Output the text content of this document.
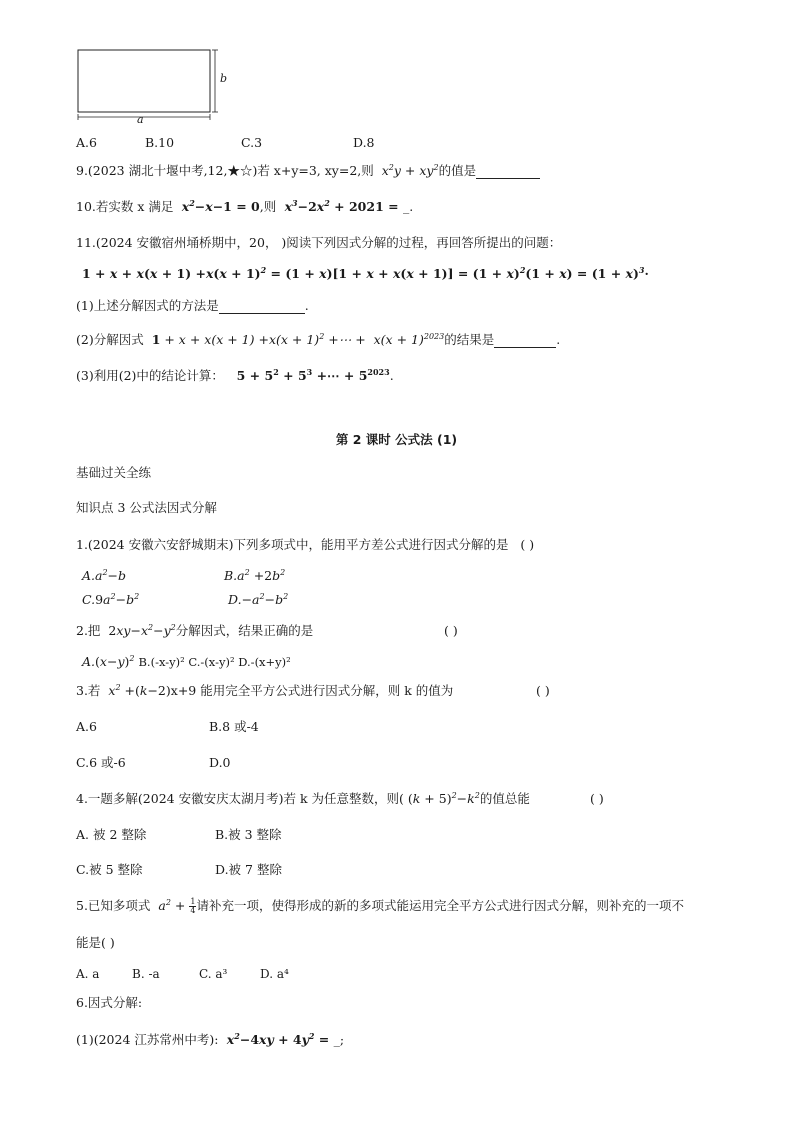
a
b
A.6	B.10	C.3	D.8
9.(2023 湖北十堰中考,12,★☆)若 x+y=3, xy=2,则  $x^2y + xy^2$的值是
10.若实数 x 满足  $x^2-x-1 = 0$,则  $x^3-2x^2 + 2021$ = _.
11.(2024 安徽宿州埇桥期中，20， )阅读下列因式分解的过程，再回答所提出的问题：
$1 + x + x(x + 1) +x(x + 1)^2 = (1 + x)[1 + x + x(x + 1)] = (1 + x)^2(1 + x) = (1 + x)^3\cdot$
(1)上述分解因式的方法是	.
(2)分解因式 $1 + x + x(x + 1) +x(x + 1)^2$ +⋯ +  $x(x + 1)^{2023}$的结果是	.
(3)利用(2)中的结论计算：   $5 + 5^2 + 5^3$ +⋯ + $5^{2023}$.
第 2 课时 公式法 (1)
基础过关全练
知识点 3 公式法因式分解
1.(2024 安徽六安舒城期末)下列多项式中，能用平方差公式进行因式分解的是 ( )
$A.a^2-b$	$B.a^2 +2b^2$
$C.9a^2-b^2$	$D.-a^2-b^2$
2.把 $2xy-x^2-y^2$分解因式，结果正确的是	( )
$A.(x-y)^2$ B.(-x-y)² C.-(x-y)² D.-(x+y)²
3.若  $x^2 +(k-2)x+9$ 能用完全平方公式进行因式分解，则 k 的值为	( )
A.6	B.8 或-4
C.6 或-6	D.0
4.一题多解(2024 安徽安庆太湖月考)若 k 为任意整数，则( $(k + 5)^2-k^2$的值总能	( )
A. 被 2 整除	B.被 3 整除
C.被 5 整除	D.被 7 整除
5.已知多项式  $a^2 + \frac{1}{4}$ 请补充一项，使得形成的新的多项式能运用完全平方公式进行因式分解，则补充的一项不
能是( )
A. a	B. -a	C. a³	D. a⁴
6.因式分解:
(1)(2024 江苏常州中考):  $x^2-4xy + 4y^2$ = _;
